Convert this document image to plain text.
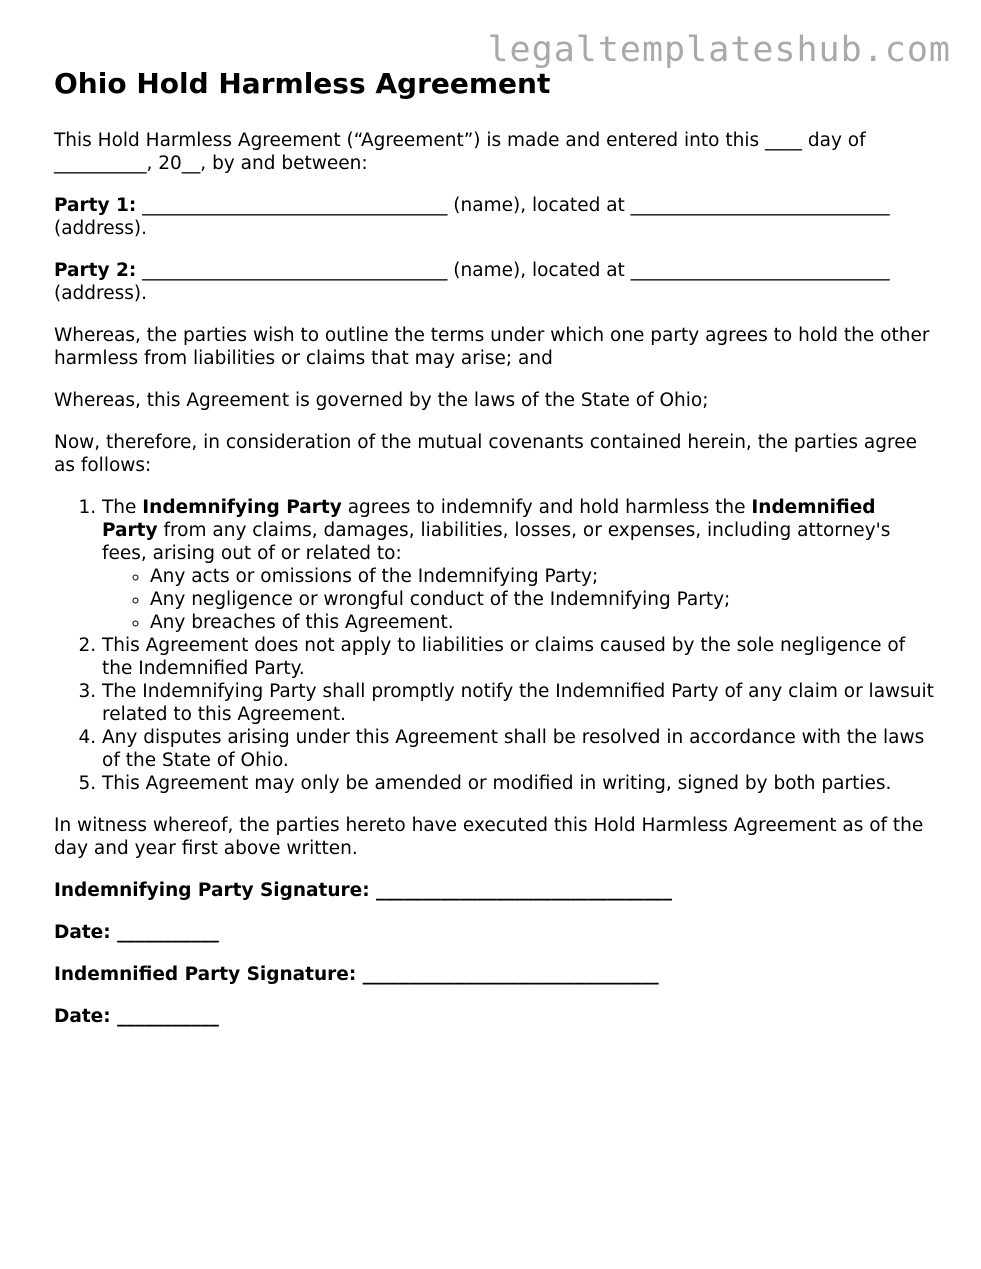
legaltemplateshub.com
Ohio Hold Harmless Agreement

This Hold Harmless Agreement (“Agreement”) is made and entered into this ____ day of __________, 20__, by and between:

Party 1: _________________________________ (name), located at ____________________________ (address).

Party 2: _________________________________ (name), located at ____________________________ (address).

Whereas, the parties wish to outline the terms under which one party agrees to hold the other harmless from liabilities or claims that may arise; and

Whereas, this Agreement is governed by the laws of the State of Ohio;

Now, therefore, in consideration of the mutual covenants contained herein, the parties agree as follows:

1. The Indemnifying Party agrees to indemnify and hold harmless the Indemnified Party from any claims, damages, liabilities, losses, or expenses, including attorney's fees, arising out of or related to:
◦ Any acts or omissions of the Indemnifying Party;
◦ Any negligence or wrongful conduct of the Indemnifying Party;
◦ Any breaches of this Agreement.
2. This Agreement does not apply to liabilities or claims caused by the sole negligence of the Indemnified Party.
3. The Indemnifying Party shall promptly notify the Indemnified Party of any claim or lawsuit related to this Agreement.
4. Any disputes arising under this Agreement shall be resolved in accordance with the laws of the State of Ohio.
5. This Agreement may only be amended or modified in writing, signed by both parties.

In witness whereof, the parties hereto have executed this Hold Harmless Agreement as of the day and year first above written.

Indemnifying Party Signature: ________________________________

Date: ___________

Indemnified Party Signature: ________________________________

Date: ___________
